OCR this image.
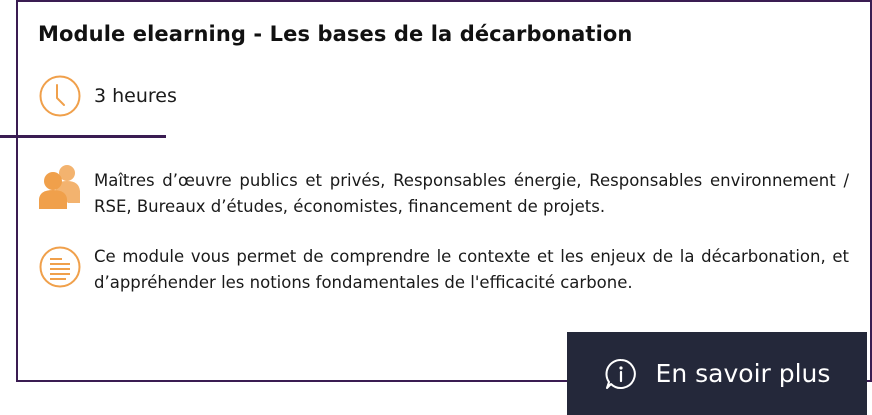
Module elearning - Les bases de la décarbonation
3 heures
Maîtres d’œuvre publics et privés, Responsables énergie, Responsables environnement / RSE, Bureaux d’études, économistes, financement de projets.
Ce module vous permet de comprendre le contexte et les enjeux de la décarbonation, et d’appréhender les notions fondamentales de l'efficacité carbone.
En savoir plus
